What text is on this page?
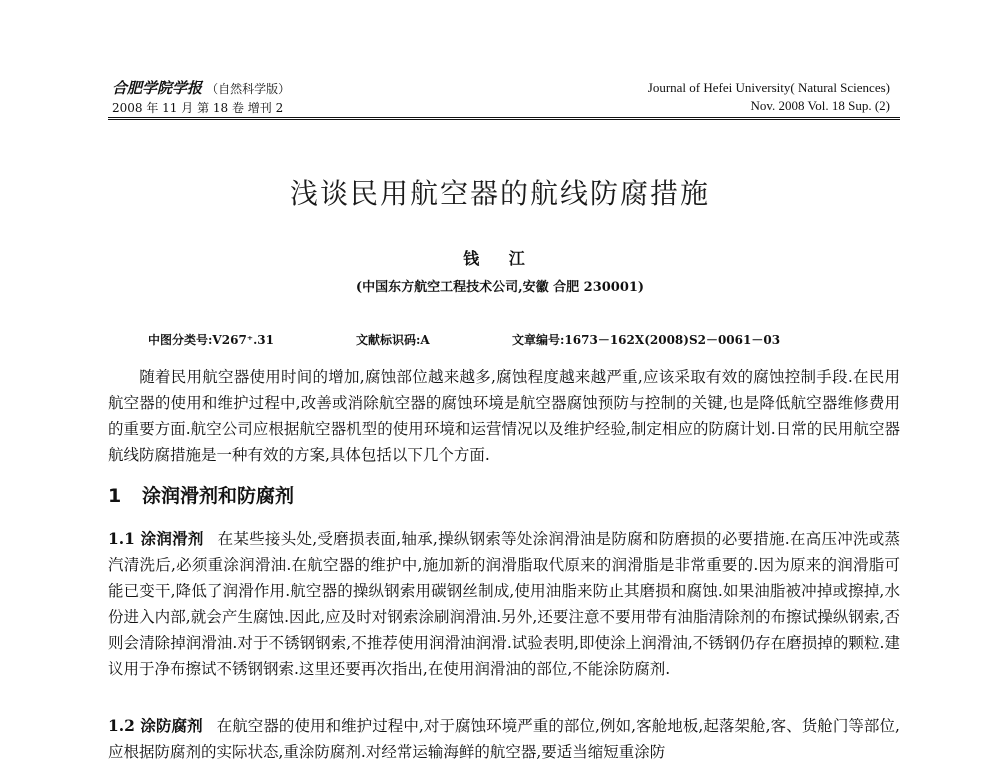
合肥学院学报 （自然科学版）
2008 年 11 月 第 18 卷 增刊 2
Journal of Hefei University( Natural Sciences)
Nov. 2008 Vol. 18 Sup. (2)
浅谈民用航空器的航线防腐措施
钱 江
(中国东方航空工程技术公司,安徽 合肥 230001)
中图分类号:V267⁺.31	文献标识码:A	文章编号:1673－162X(2008)S2－0061－03

随着民用航空器使用时间的增加,腐蚀部位越来越多,腐蚀程度越来越严重,应该采取有效的腐蚀控制手段.在民用航空器的使用和维护过程中,改善或消除航空器的腐蚀环境是航空器腐蚀预防与控制的关键,也是降低航空器维修费用的重要方面.航空公司应根据航空器机型的使用环境和运营情况以及维护经验,制定相应的防腐计划.日常的民用航空器航线防腐措施是一种有效的方案,具体包括以下几个方面.

1 涂润滑剂和防腐剂

1.1 涂润滑剂 在某些接头处,受磨损表面,轴承,操纵钢索等处涂润滑油是防腐和防磨损的必要措施.在高压冲洗或蒸汽清洗后,必须重涂润滑油.在航空器的维护中,施加新的润滑脂取代原来的润滑脂是非常重要的.因为原来的润滑脂可能已变干,降低了润滑作用.航空器的操纵钢索用碳钢丝制成,使用油脂来防止其磨损和腐蚀.如果油脂被冲掉或擦掉,水份进入内部,就会产生腐蚀.因此,应及时对钢索涂刷润滑油.另外,还要注意不要用带有油脂清除剂的布擦试操纵钢索,否则会清除掉润滑油.对于不锈钢钢索,不推荐使用润滑油润滑.试验表明,即使涂上润滑油,不锈钢仍存在磨损掉的颗粒.建议用于净布擦试不锈钢钢索.这里还要再次指出,在使用润滑油的部位,不能涂防腐剂.

1.2 涂防腐剂 在航空器的使用和维护过程中,对于腐蚀环境严重的部位,例如,客舱地板,起落架舱,客、货舱门等部位,应根据防腐剂的实际状态,重涂防腐剂.对经常运输海鲜的航空器,要适当缩短重涂防
